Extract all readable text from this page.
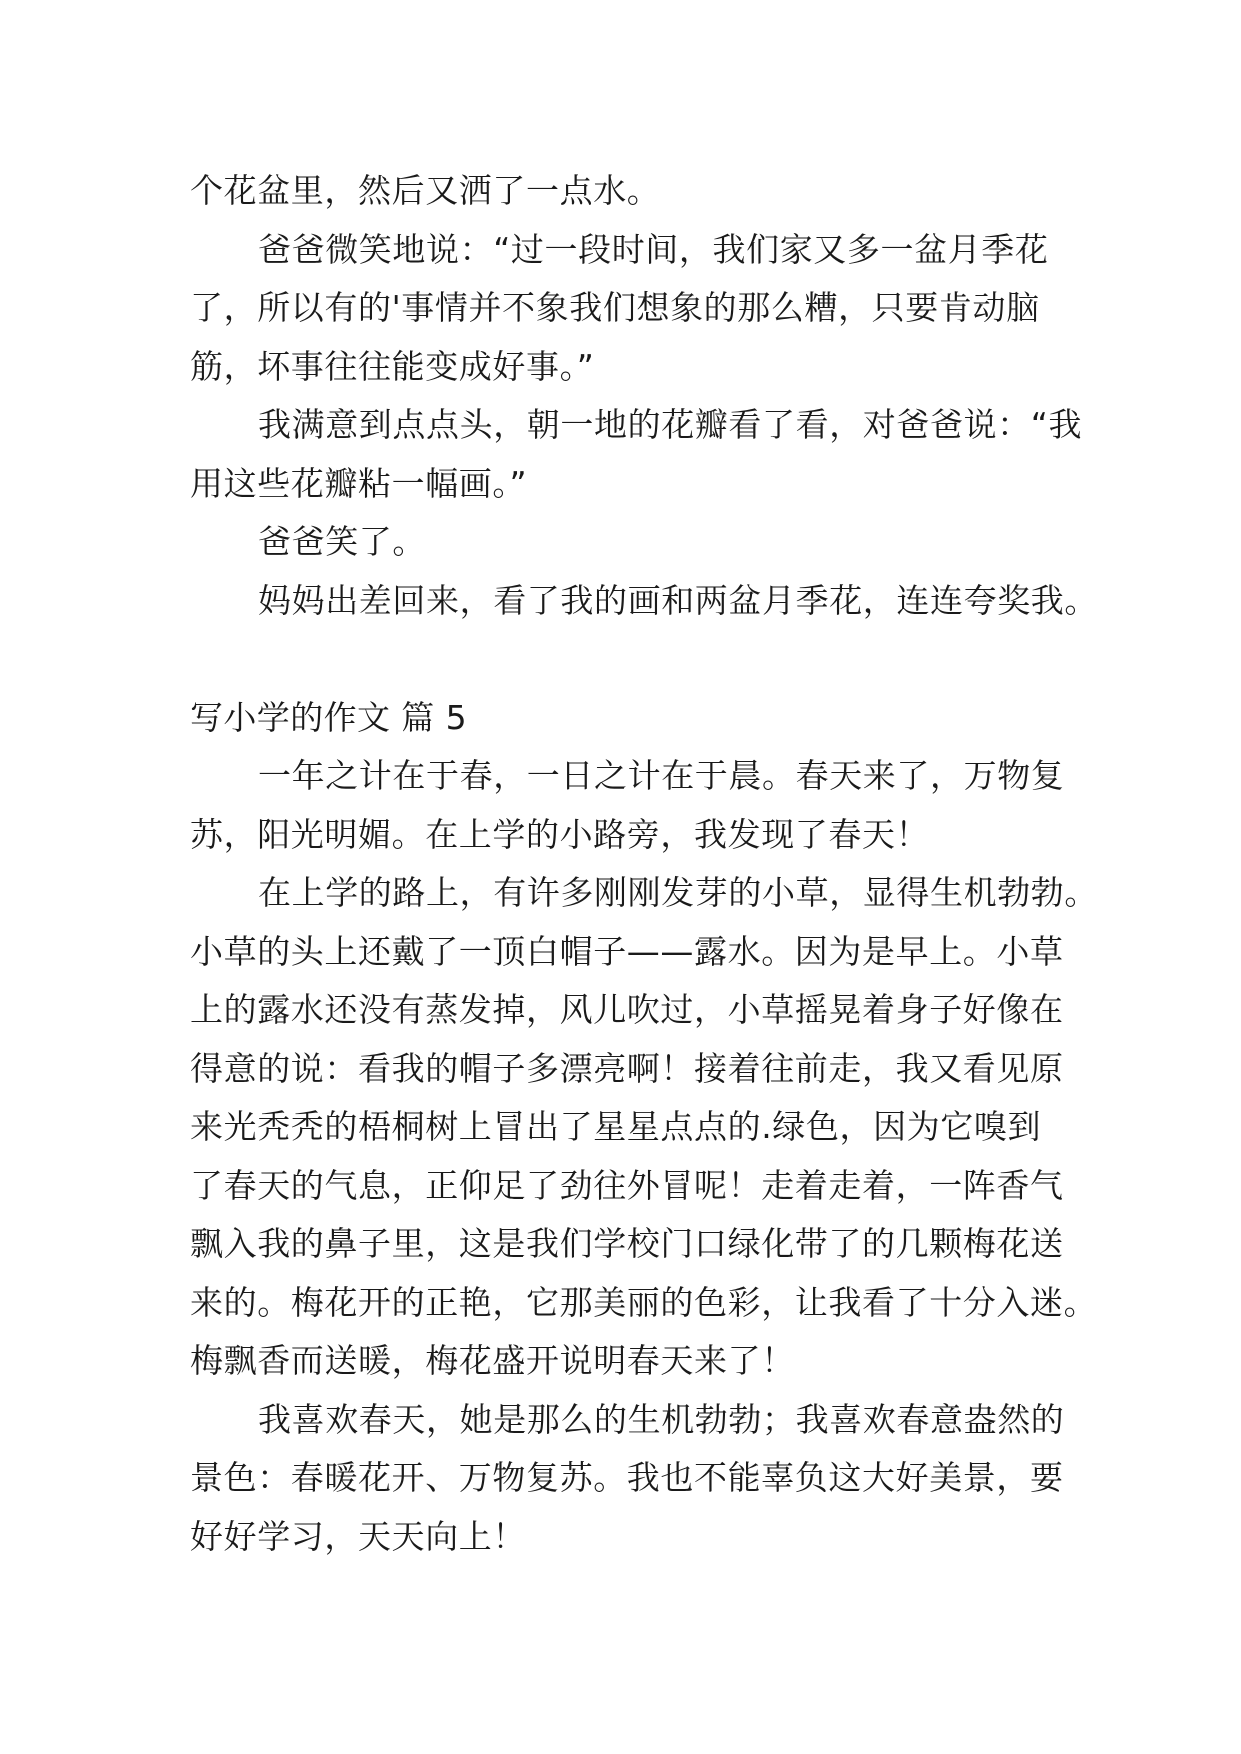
个花盆里，然后又洒了一点水。
爸爸微笑地说：“过一段时间，我们家又多一盆月季花
了，所以有的'事情并不象我们想象的那么糟，只要肯动脑
筋，坏事往往能变成好事。”
我满意到点点头，朝一地的花瓣看了看，对爸爸说：“我
用这些花瓣粘一幅画。”
爸爸笑了。
妈妈出差回来，看了我的画和两盆月季花，连连夸奖我。
写小学的作文 篇 5
一年之计在于春，一日之计在于晨。春天来了，万物复
苏，阳光明媚。在上学的小路旁，我发现了春天！
在上学的路上，有许多刚刚发芽的小草，显得生机勃勃。
小草的头上还戴了一顶白帽子——露水。因为是早上。小草
上的露水还没有蒸发掉，风儿吹过，小草摇晃着身子好像在
得意的说：看我的帽子多漂亮啊！接着往前走，我又看见原
来光秃秃的梧桐树上冒出了星星点点的.绿色，因为它嗅到
了春天的气息，正仰足了劲往外冒呢！走着走着，一阵香气
飘入我的鼻子里，这是我们学校门口绿化带了的几颗梅花送
来的。梅花开的正艳，它那美丽的色彩，让我看了十分入迷。
梅飘香而送暖，梅花盛开说明春天来了！
我喜欢春天，她是那么的生机勃勃；我喜欢春意盎然的
景色：春暖花开、万物复苏。我也不能辜负这大好美景，要
好好学习，天天向上！
